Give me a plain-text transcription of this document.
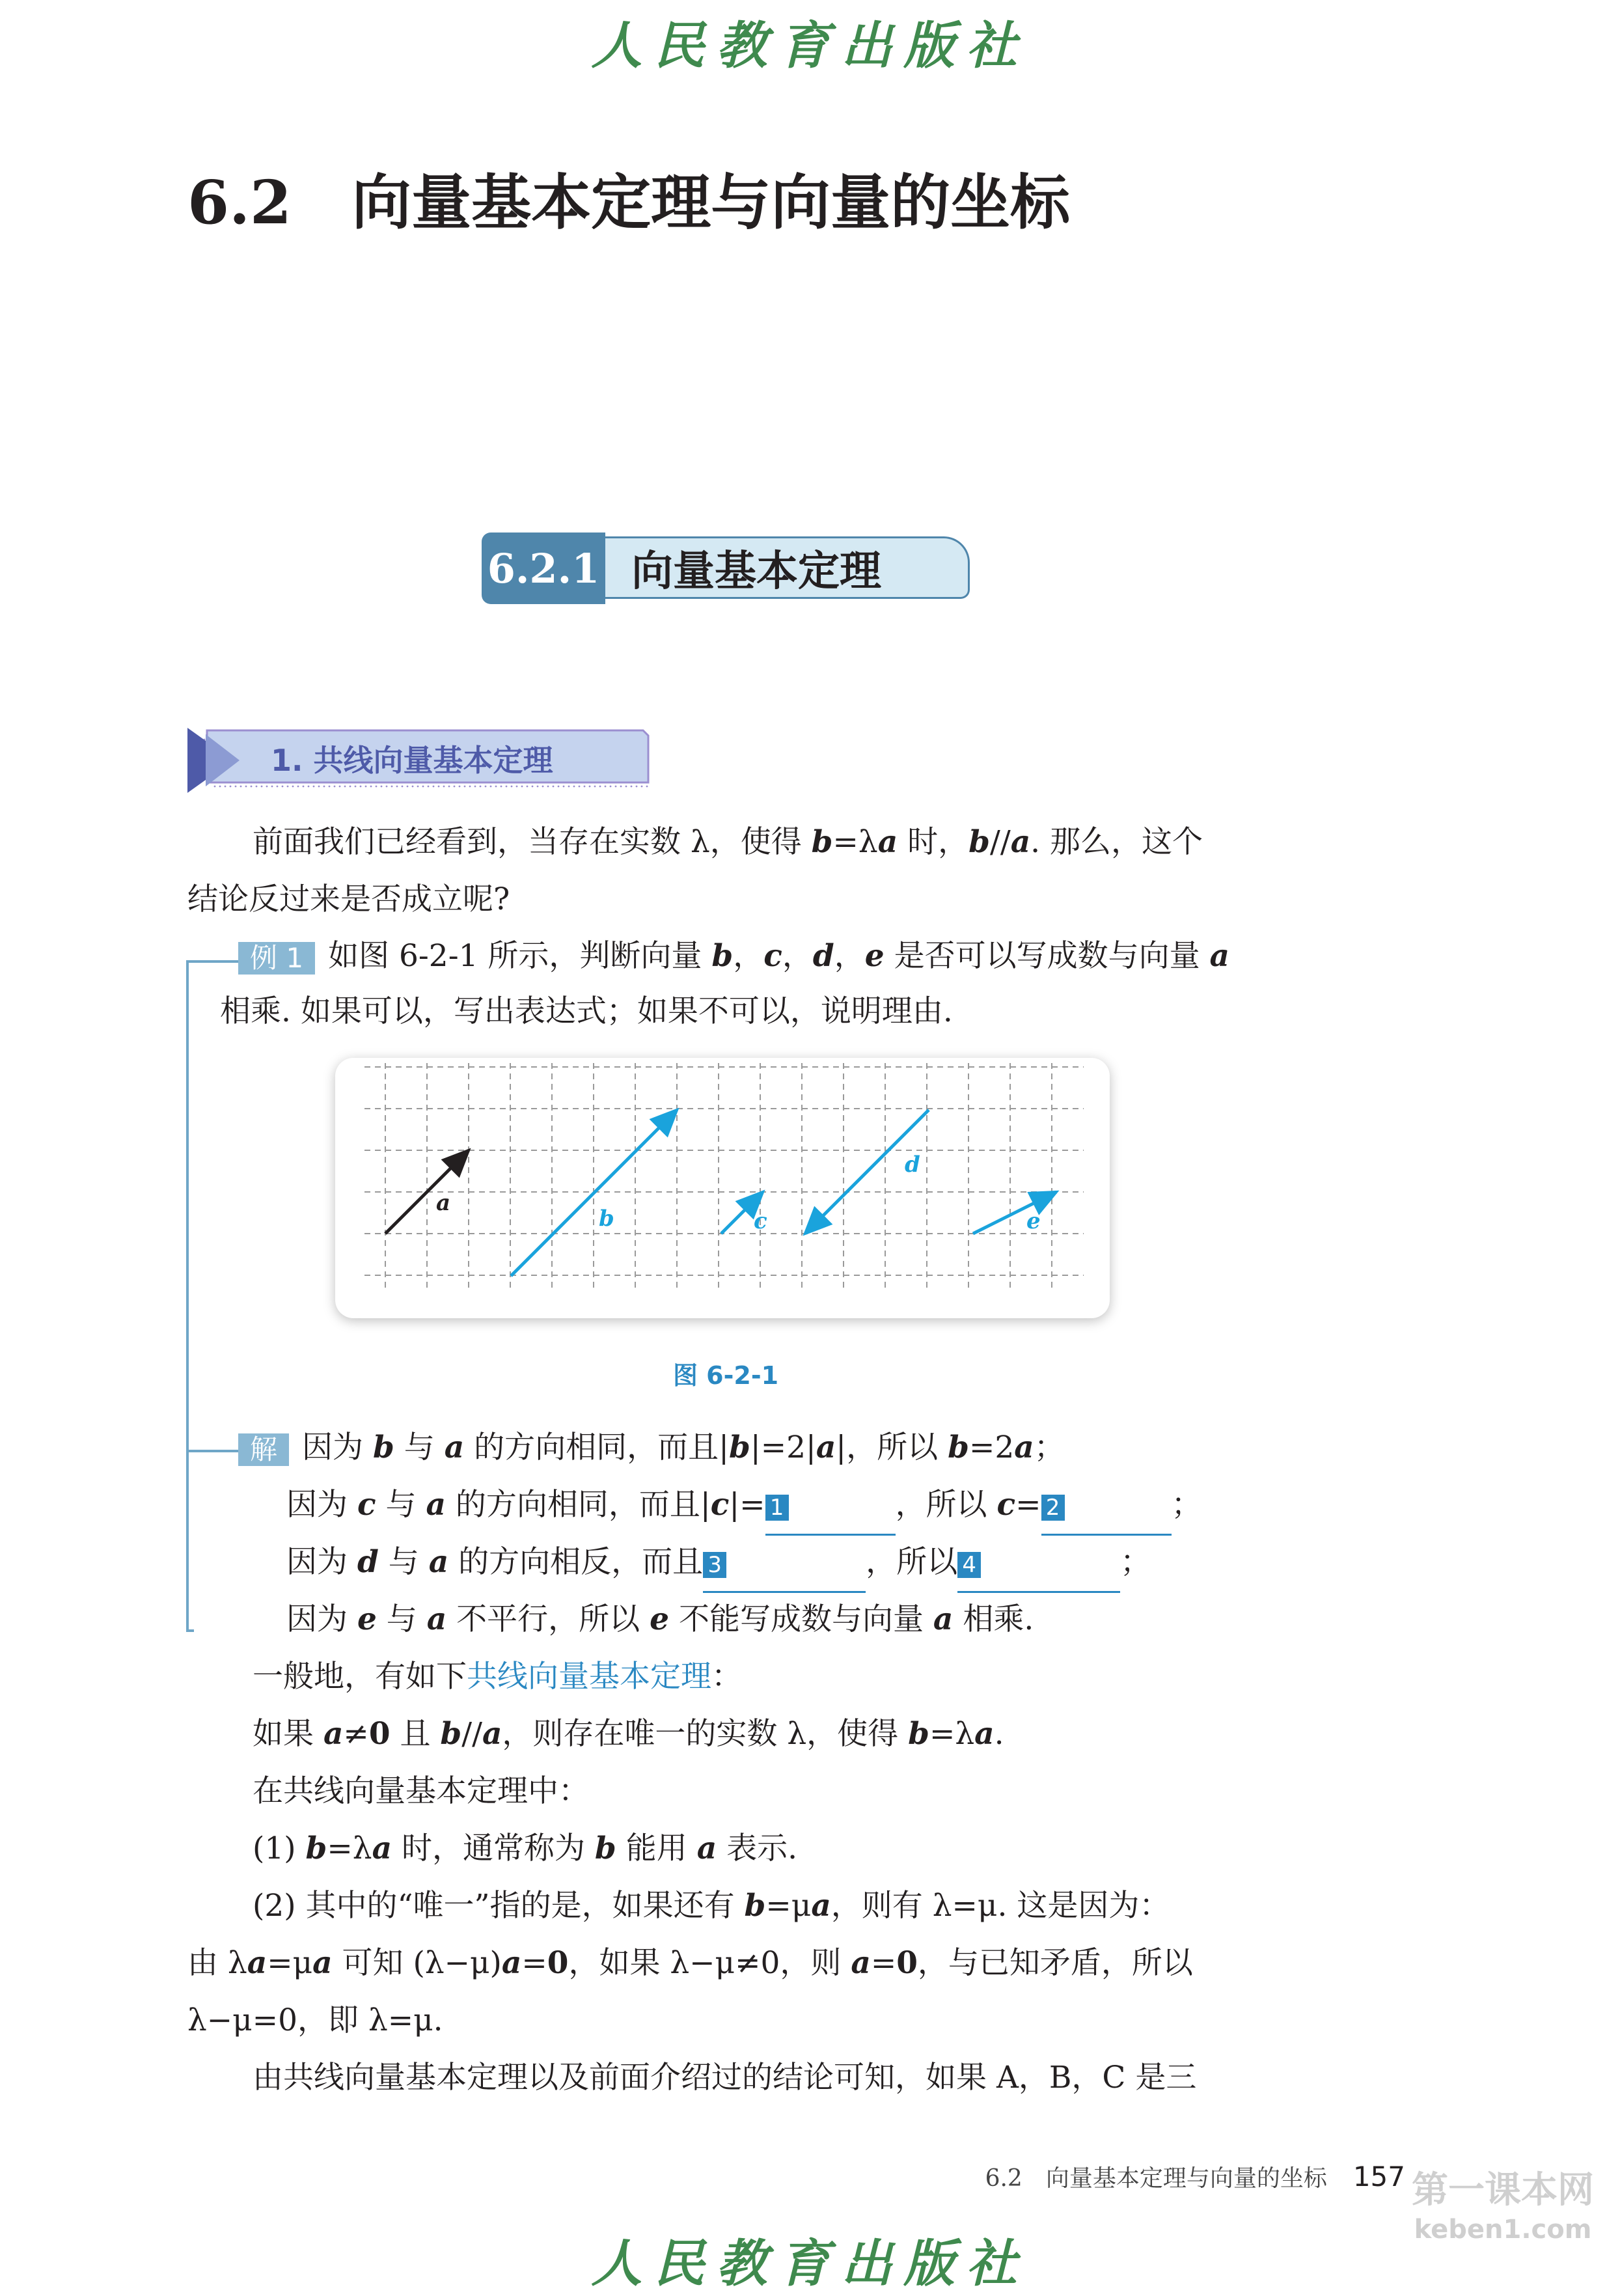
人民教育出版社
6.2 向量基本定理与向量的坐标
6.2.1 向量基本定理
1. 共线向量基本定理
前面我们已经看到，当存在实数 λ，使得 b=λa 时，b//a. 那么，这个
结论反过来是否成立呢?
例 1 如图 6-2-1 所示，判断向量 b，c，d，e 是否可以写成数与向量 a
相乘. 如果可以，写出表达式；如果不可以，说明理由.
a
b	c
d
e
图 6-2-1
解 因为 b 与 a 的方向相同，而且|b|=2|a|，所以 b=2a；
因为 c 与 a 的方向相同，而且|c|= 1	，所以 c= 2	；
因为 d 与 a 的方向相反，而且 3	，所以 4	；
因为 e 与 a 不平行，所以 e 不能写成数与向量 a 相乘.
一般地，有如下共线向量基本定理：
如果 a≠0 且 b//a，则存在唯一的实数 λ，使得 b=λa.
在共线向量基本定理中：
(1) b=λa 时，通常称为 b 能用 a 表示.
(2) 其中的“唯一”指的是，如果还有 b=μa，则有 λ=μ. 这是因为：
由 λa=μa 可知 (λ−μ)a=0，如果 λ−μ≠0，则 a=0，与已知矛盾，所以
λ−μ=0，即 λ=μ.
由共线向量基本定理以及前面介绍过的结论可知，如果 A，B，C 是三
6.2　向量基本定理与向量的坐标 157 第一课本网
keben1.com
人民教育出版社
